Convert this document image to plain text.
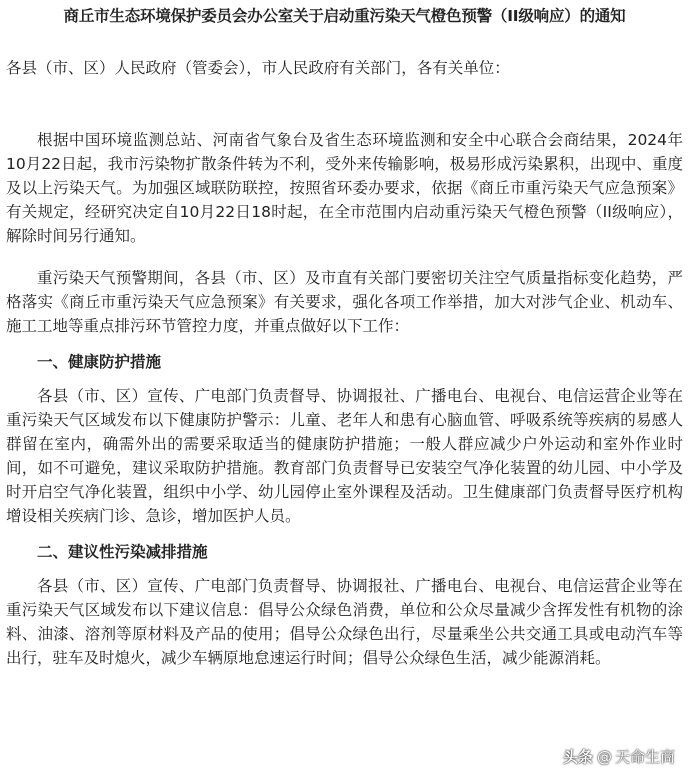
商丘市生态环境保护委员会办公室关于启动重污染天气橙色预警（II级响应）的通知

各县（市、区）人民政府（管委会），市人民政府有关部门，各有关单位：

根据中国环境监测总站、河南省气象台及省生态环境监测和安全中心联合会商结果，2024年10月22日起，我市污染物扩散条件转为不利，受外来传输影响，极易形成污染累积，出现中、重度及以上污染天气。为加强区域联防联控，按照省环委办要求，依据《商丘市重污染天气应急预案》有关规定，经研究决定自10月22日18时起，在全市范围内启动重污染天气橙色预警（II级响应），解除时间另行通知。

重污染天气预警期间，各县（市、区）及市直有关部门要密切关注空气质量指标变化趋势，严格落实《商丘市重污染天气应急预案》有关要求，强化各项工作举措，加大对涉气企业、机动车、施工工地等重点排污环节管控力度，并重点做好以下工作：

一、健康防护措施

各县（市、区）宣传、广电部门负责督导、协调报社、广播电台、电视台、电信运营企业等在重污染天气区域发布以下健康防护警示：儿童、老年人和患有心脑血管、呼吸系统等疾病的易感人群留在室内，确需外出的需要采取适当的健康防护措施；一般人群应减少户外运动和室外作业时间，如不可避免，建议采取防护措施。教育部门负责督导已安装空气净化装置的幼儿园、中小学及时开启空气净化装置，组织中小学、幼儿园停止室外课程及活动。卫生健康部门负责督导医疗机构增设相关疾病门诊、急诊，增加医护人员。

二、建议性污染减排措施

各县（市、区）宣传、广电部门负责督导、协调报社、广播电台、电视台、电信运营企业等在重污染天气区域发布以下建议信息：倡导公众绿色消费，单位和公众尽量减少含挥发性有机物的涂料、油漆、溶剂等原材料及产品的使用；倡导公众绿色出行，尽量乘坐公共交通工具或电动汽车等出行，驻车及时熄火，减少车辆原地怠速运行时间；倡导公众绿色生活，减少能源消耗。

头条 @ 天命生商
